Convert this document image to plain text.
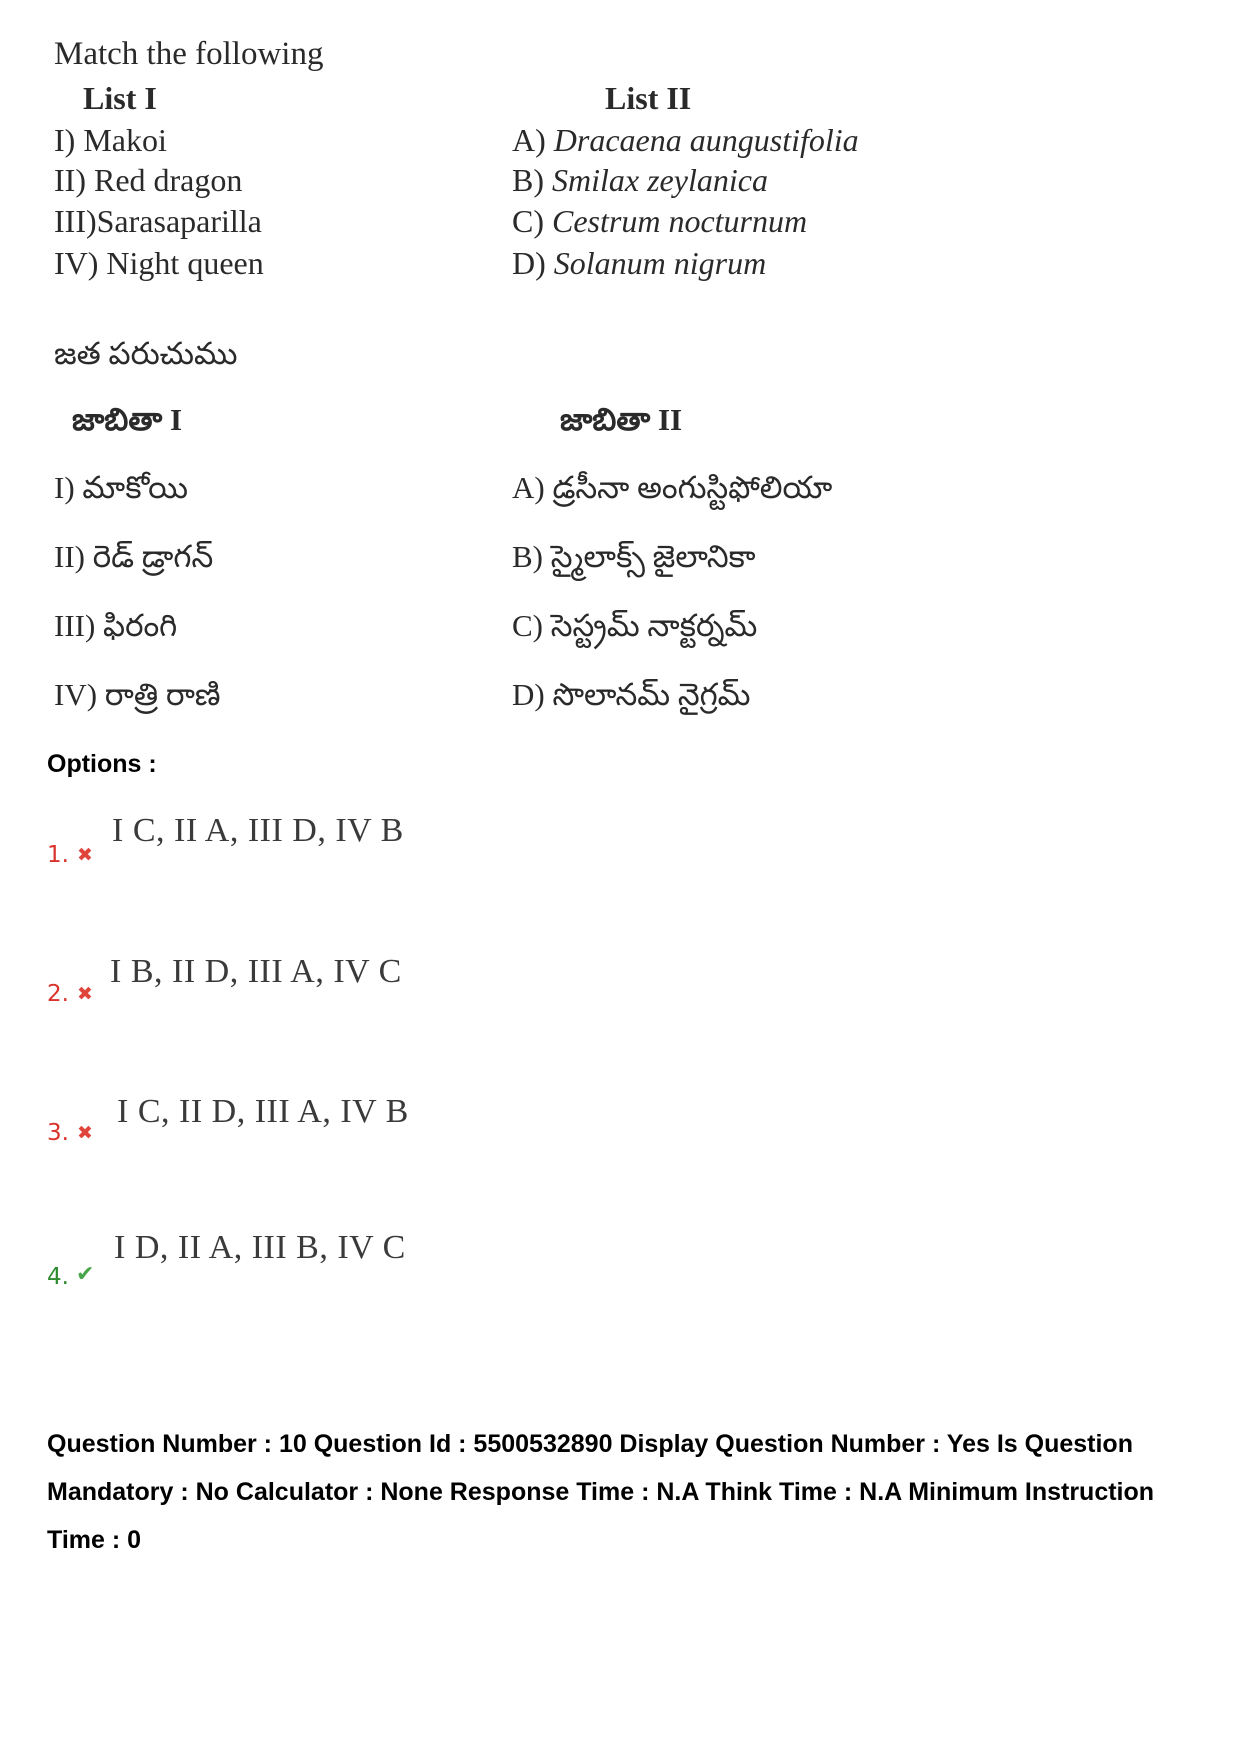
Match the following
List I	List II
I) Makoi
II) Red dragon
III)Sarasaparilla
IV) Night queen
A) Dracaena aungustifolia
B) Smilax zeylanica
C) Cestrum nocturnum
D) Solanum nigrum
జత పరుచుము
జాబితా I	జాబితా II
I) మాకోయి
II) రెడ్ డ్రాగన్
III) ఫిరంగి
IV) రాత్రి రాణి
A) డ్రసీనా అంగుస్టిఫోలియా
B) స్మైలాక్స్ జైలానికా
C) సెస్ట్రమ్ నాక్టర్నమ్
D) సొలానమ్ నైగ్రమ్
Options :
1. ✖
I C, II A, III D, IV B
2. ✖
I B, II D, III A, IV C
3. ✖
I C, II D, III A, IV B
4. ✔
I D, II A, III B, IV C
Question Number : 10 Question Id : 5500532890 Display Question Number : Yes Is Question Mandatory : No Calculator : None Response Time : N.A Think Time : N.A Minimum Instruction Time : 0
